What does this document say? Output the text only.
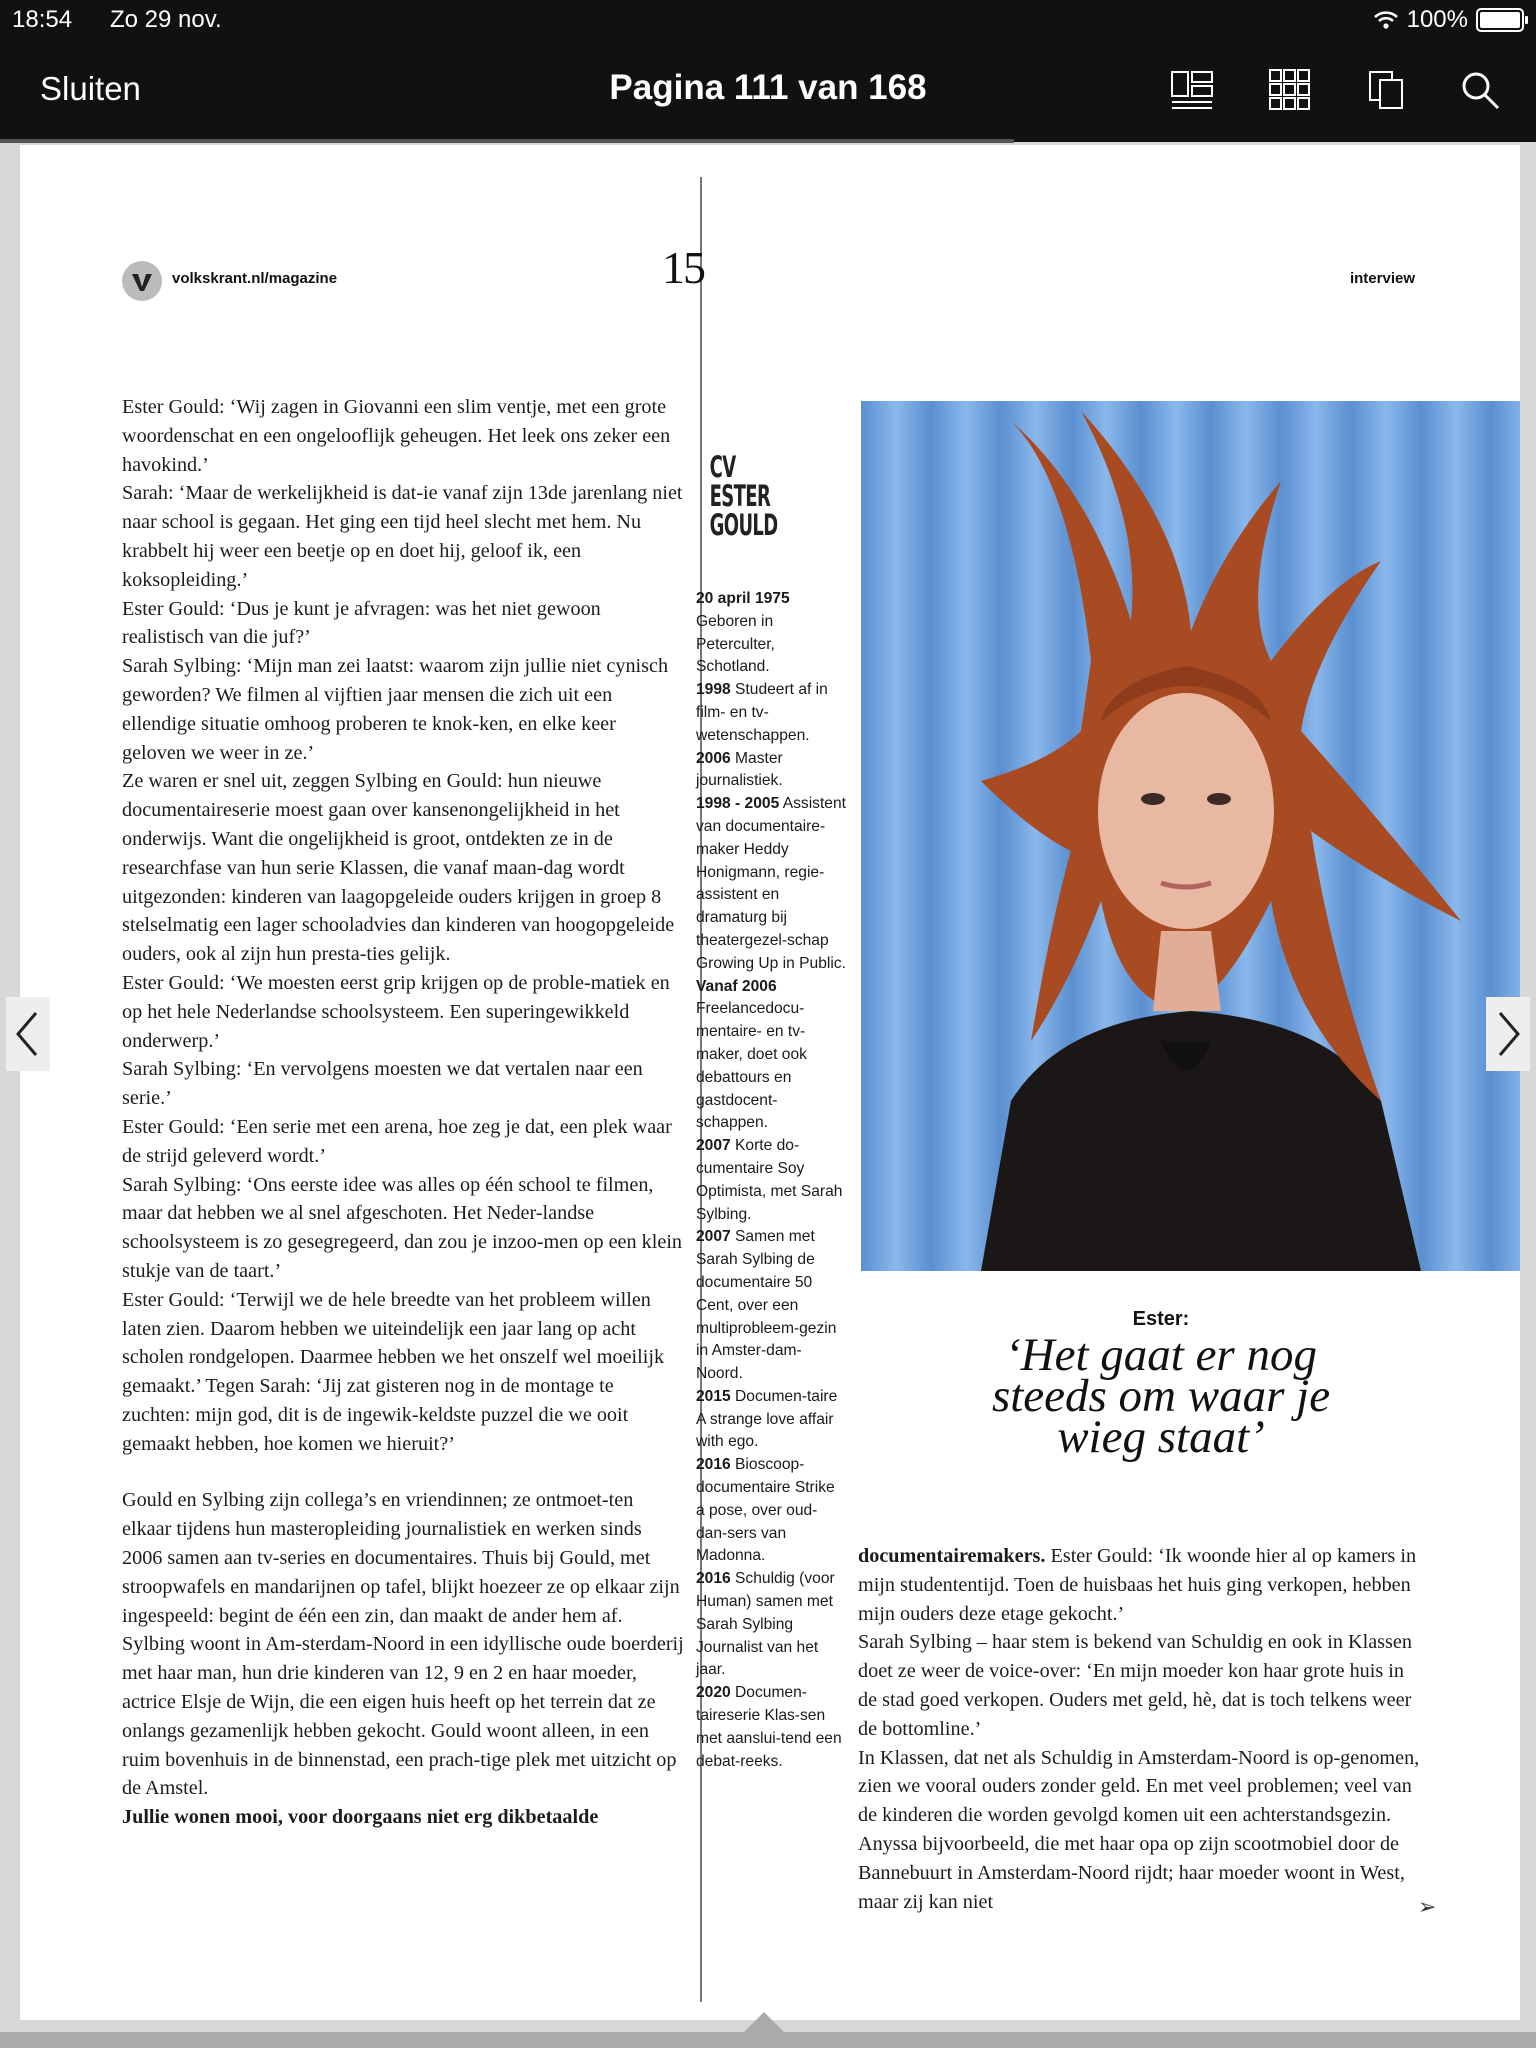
18:54 Zo 29 nov.	100%
Sluiten	Pagina 111 van 168
volkskrant.nl/magazine	15	interview

Ester Gould: ‘Wij zagen in Giovanni een slim ventje, met een grote woordenschat en een ongelooflijk geheugen. Het leek ons zeker een havokind.’

Sarah: ‘Maar de werkelijkheid is dat-ie vanaf zijn 13de jarenlang niet naar school is gegaan. Het ging een tijd heel slecht met hem. Nu krabbelt hij weer een beetje op en doet hij, geloof ik, een koksopleiding.’

Ester Gould: ‘Dus je kunt je afvragen: was het niet gewoon realistisch van die juf?’

Sarah Sylbing: ‘Mijn man zei laatst: waarom zijn jullie niet cynisch geworden? We filmen al vijftien jaar mensen die zich uit een ellendige situatie omhoog proberen te knok-ken, en elke keer geloven we weer in ze.’

Ze waren er snel uit, zeggen Sylbing en Gould: hun nieuwe documentaireserie moest gaan over kansenongelijkheid in het onderwijs. Want die ongelijkheid is groot, ontdekten ze in de researchfase van hun serie Klassen, die vanaf maan-dag wordt uitgezonden: kinderen van laagopgeleide ouders krijgen in groep 8 stelselmatig een lager schooladvies dan kinderen van hoogopgeleide ouders, ook al zijn hun presta-ties gelijk.

Ester Gould: ‘We moesten eerst grip krijgen op de proble-matiek en op het hele Nederlandse schoolsysteem. Een superingewikkeld onderwerp.’

Sarah Sylbing: ‘En vervolgens moesten we dat vertalen naar een serie.’

Ester Gould: ‘Een serie met een arena, hoe zeg je dat, een plek waar de strijd geleverd wordt.’

Sarah Sylbing: ‘Ons eerste idee was alles op één school te filmen, maar dat hebben we al snel afgeschoten. Het Neder-landse schoolsysteem is zo gesegregeerd, dan zou je inzoo-men op een klein stukje van de taart.’

Ester Gould: ‘Terwijl we de hele breedte van het probleem willen laten zien. Daarom hebben we uiteindelijk een jaar lang op acht scholen rondgelopen. Daarmee hebben we het onszelf wel moeilijk gemaakt.’ Tegen Sarah: ‘Jij zat gisteren nog in de montage te zuchten: mijn god, dit is de ingewik-keldste puzzel die we ooit gemaakt hebben, hoe komen we hieruit?’

Gould en Sylbing zijn collega’s en vriendinnen; ze ontmoet-ten elkaar tijdens hun masteropleiding journalistiek en werken sinds 2006 samen aan tv-series en documentaires. Thuis bij Gould, met stroopwafels en mandarijnen op tafel, blijkt hoezeer ze op elkaar zijn ingespeeld: begint de één een zin, dan maakt de ander hem af. Sylbing woont in Am-sterdam-Noord in een idyllische oude boerderij met haar man, hun drie kinderen van 12, 9 en 2 en haar moeder, actrice Elsje de Wijn, die een eigen huis heeft op het terrein dat ze onlangs gezamenlijk hebben gekocht. Gould woont alleen, in een ruim bovenhuis in de binnenstad, een prach-tige plek met uitzicht op de Amstel.

Jullie wonen mooi, voor doorgaans niet erg dikbetaalde

CV
ESTER
GOULD
20 april 1975 Geboren in Peterculter, Schotland.
1998 Studeert af in film- en tv-wetenschappen.
2006 Master journalistiek.
1998 - 2005 Assistent van documentaire-maker Heddy Honigmann, regie-assistent en dramaturg bij theatergezel-schap Growing Up in Public.
Vanaf 2006 Freelancedocu-mentaire- en tv-maker, doet ook debattours en gastdocent-schappen.
2007 Korte do-cumentaire Soy Optimista, met Sarah Sylbing.
2007 Samen met Sarah Sylbing de documentaire 50 Cent, over een multiprobleem-gezin in Amster-dam-Noord.
2015 Documen-taire A strange love affair with ego.
2016 Bioscoop-documentaire Strike a pose, over oud-dan-sers van Madonna.
2016 Schuldig (voor Human) samen met Sarah Sylbing Journalist van het jaar.
2020 Documen-taireserie Klas-sen met aanslui-tend een debat-reeks.
Ester:
‘Het gaat er nog steeds om waar je wieg staat’

documentairemakers. Ester Gould: ‘Ik woonde hier al op kamers in mijn studententijd. Toen de huisbaas het huis ging verkopen, hebben mijn ouders deze etage gekocht.’

Sarah Sylbing – haar stem is bekend van Schuldig en ook in Klassen doet ze weer de voice-over: ‘En mijn moeder kon haar grote huis in de stad goed verkopen. Ouders met geld, hè, dat is toch telkens weer de bottomline.’

In Klassen, dat net als Schuldig in Amsterdam-Noord is op-genomen, zien we vooral ouders zonder geld. En met veel problemen; veel van de kinderen die worden gevolgd komen uit een achterstandsgezin. Anyssa bijvoorbeeld, die met haar opa op zijn scootmobiel door de Bannebuurt in Amsterdam-Noord rijdt; haar moeder woont in West, maar zij kan niet	➢
